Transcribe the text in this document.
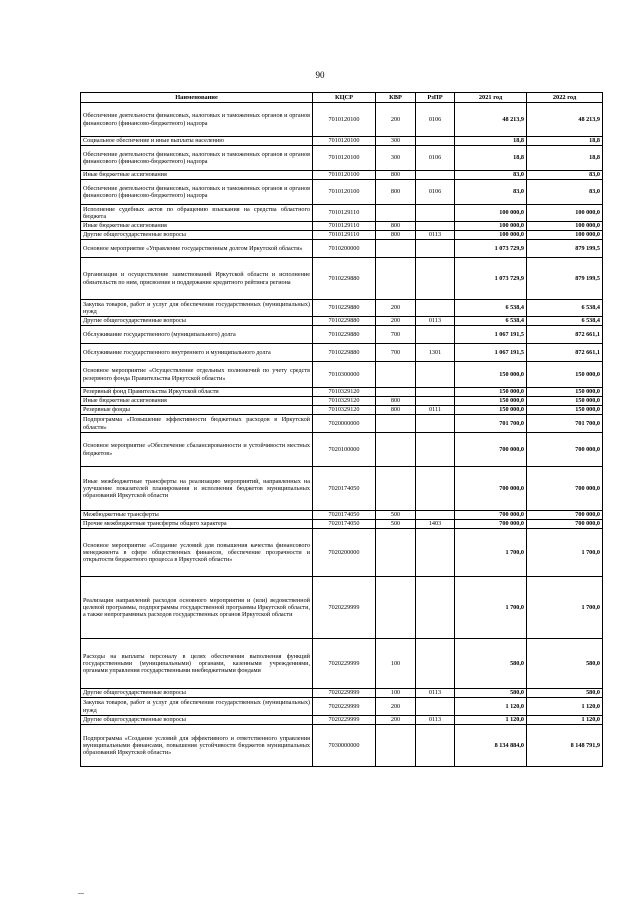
90
Наименование	КЦСР	КВР	РзПР	2021 год	2022 год
Обеспечение деятельности финансовых, налоговых и таможенных органов и органов финансового (финансово-бюджетного) надзора	7010120100	200	0106	48 213,9	48 213,9
Социальное обеспечение и иные выплаты населению	7010120100	300		18,8	18,8
Обеспечение деятельности финансовых, налоговых и таможенных органов и органов финансового (финансово-бюджетного) надзора	7010120100	300	0106	18,8	18,8
Иные бюджетные ассигнования	7010120100	800		83,0	83,0
Обеспечение деятельности финансовых, налоговых и таможенных органов и органов финансового (финансово-бюджетного) надзора	7010120100	800	0106	83,0	83,0
Исполнение судебных актов по обращению взыскания на средства областного бюджета	7010129110			100 000,0	100 000,0
Иные бюджетные ассигнования	7010129110	800		100 000,0	100 000,0
Другие общегосударственные вопросы	7010129110	800	0113	100 000,0	100 000,0
Основное мероприятие «Управление государственным долгом Иркутской области»	7010200000			1 073 729,9	879 199,5
Организация и осуществление заимствований Иркутской области и исполнение обязательств по ним, присвоение и поддержание кредитного рейтинга региона	7010229880			1 073 729,9	879 199,5
Закупка товаров, работ и услуг для обеспечения государственных (муниципальных) нужд	7010229880	200		6 538,4	6 538,4
Другие общегосударственные вопросы	7010229880	200	0113	6 538,4	6 538,4
Обслуживание государственного (муниципального) долга	7010229880	700		1 067 191,5	872 661,1
Обслуживание государственного внутреннего и муниципального долга	7010229880	700	1301	1 067 191,5	872 661,1
Основное мероприятие «Осуществление отдельных полномочий по учету средств резервного фонда Правительства Иркутской области»	7010300000			150 000,0	150 000,0
Резервный фонд Правительства Иркутской области	7010329120			150 000,0	150 000,0
Иные бюджетные ассигнования	7010329120	800		150 000,0	150 000,0
Резервные фонды	7010329120	800	0111	150 000,0	150 000,0
Подпрограмма «Повышение эффективности бюджетных расходов в Иркутской области»	7020000000			701 700,0	701 700,0
Основное мероприятие «Обеспечение сбалансированности и устойчивости местных бюджетов»	7020100000			700 000,0	700 000,0
Иные межбюджетные трансферты на реализацию мероприятий, направленных на улучшение показателей планирования и исполнения бюджетов муниципальных образований Иркутской области	7020174050			700 000,0	700 000,0
Межбюджетные трансферты	7020174050	500		700 000,0	700 000,0
Прочие межбюджетные трансферты общего характера	7020174050	500	1403	700 000,0	700 000,0
Основное мероприятие «Создание условий для повышения качества финансового менеджмента в сфере общественных финансов, обеспечение прозрачности и открытости бюджетного процесса в Иркутской области»	7020200000			1 700,0	1 700,0
Реализация направлений расходов основного мероприятия и (или) ведомственной целевой программы, подпрограммы государственной программы Иркутской области, а также непрограммных расходов государственных органов Иркутской области	7020229999			1 700,0	1 700,0
Расходы на выплаты персоналу в целях обеспечения выполнения функций государственными (муниципальными) органами, казенными учреждениями, органами управления государственными внебюджетными фондами	7020229999	100		580,0	580,0
Другие общегосударственные вопросы	7020229999	100	0113	580,0	580,0
Закупка товаров, работ и услуг для обеспечения государственных (муниципальных) нужд	7020229999	200		1 120,0	1 120,0
Другие общегосударственные вопросы	7020229999	200	0113	1 120,0	1 120,0
Подпрограмма «Создание условий для эффективного и ответственного управления муниципальными финансами, повышения устойчивости бюджетов муниципальных образований Иркутской области»	7030000000			8 134 884,0	8 148 791,9
